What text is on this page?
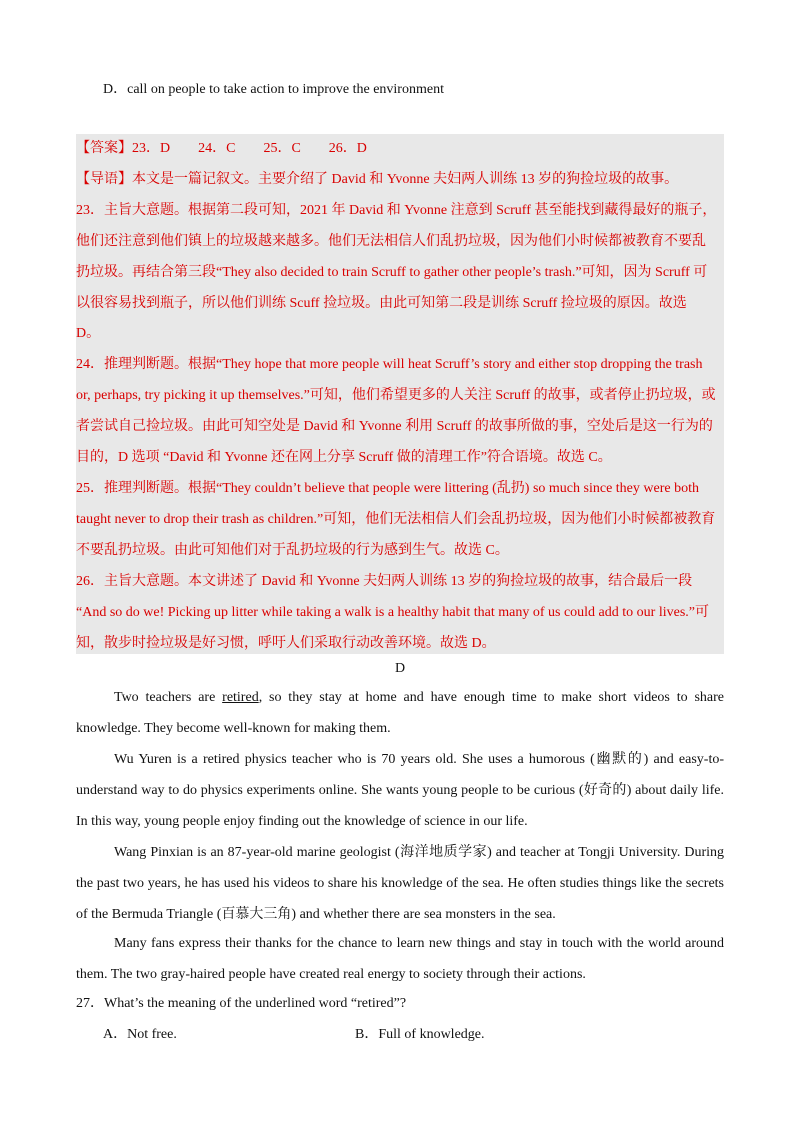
D．call on people to take action to improve the environment
【答案】23．D　　24．C　　25．C　　26．D
【导语】本文是一篇记叙文。主要介绍了 David 和 Yvonne 夫妇两人训练 13 岁的狗捡垃圾的故事。
23．主旨大意题。根据第二段可知，2021 年 David 和 Yvonne 注意到 Scruff 甚至能找到藏得最好的瓶子，
他们还注意到他们镇上的垃圾越来越多。他们无法相信人们乱扔垃圾，因为他们小时候都被教育不要乱
扔垃圾。再结合第三段“They also decided to train Scruff to gather other people’s trash.”可知，因为 Scruff 可
以很容易找到瓶子，所以他们训练 Scuff 捡垃圾。由此可知第二段是训练 Scruff 捡垃圾的原因。故选
D。
24．推理判断题。根据“They hope that more people will heat Scruff’s story and either stop dropping the trash
or, perhaps, try picking it up themselves.”可知，他们希望更多的人关注 Scruff 的故事，或者停止扔垃圾，或
者尝试自己捡垃圾。由此可知空处是 David 和 Yvonne 利用 Scruff 的故事所做的事，空处后是这一行为的
目的，D 选项 “David 和 Yvonne 还在网上分享 Scruff 做的清理工作”符合语境。故选 C。
25．推理判断题。根据“They couldn’t believe that people were littering (乱扔) so much since they were both
taught never to drop their trash as children.”可知，他们无法相信人们会乱扔垃圾，因为他们小时候都被教育
不要乱扔垃圾。由此可知他们对于乱扔垃圾的行为感到生气。故选 C。
26．主旨大意题。本文讲述了 David 和 Yvonne 夫妇两人训练 13 岁的狗捡垃圾的故事，结合最后一段
“And so do we! Picking up litter while taking a walk is a healthy habit that many of us could add to our lives.”可
知，散步时捡垃圾是好习惯，呼吁人们采取行动改善环境。故选 D。
D

Two teachers are retired, so they stay at home and have enough time to make short videos to share knowledge. They become well-known for making them.

Wu Yuren is a retired physics teacher who is 70 years old. She uses a humorous (幽默的) and easy-to-understand way to do physics experiments online. She wants young people to be curious (好奇的) about daily life. In this way, young people enjoy finding out the knowledge of science in our life.

Wang Pinxian is an 87-year-old marine geologist (海洋地质学家) and teacher at Tongji University. During the past two years, he has used his videos to share his knowledge of the sea. He often studies things like the secrets of the Bermuda Triangle (百慕大三角) and whether there are sea monsters in the sea.

Many fans express their thanks for the chance to learn new things and stay in touch with the world around them. The two gray-haired people have created real energy to society through their actions.

27．What’s the meaning of the underlined word “retired”?
A．Not free.	B．Full of knowledge.
